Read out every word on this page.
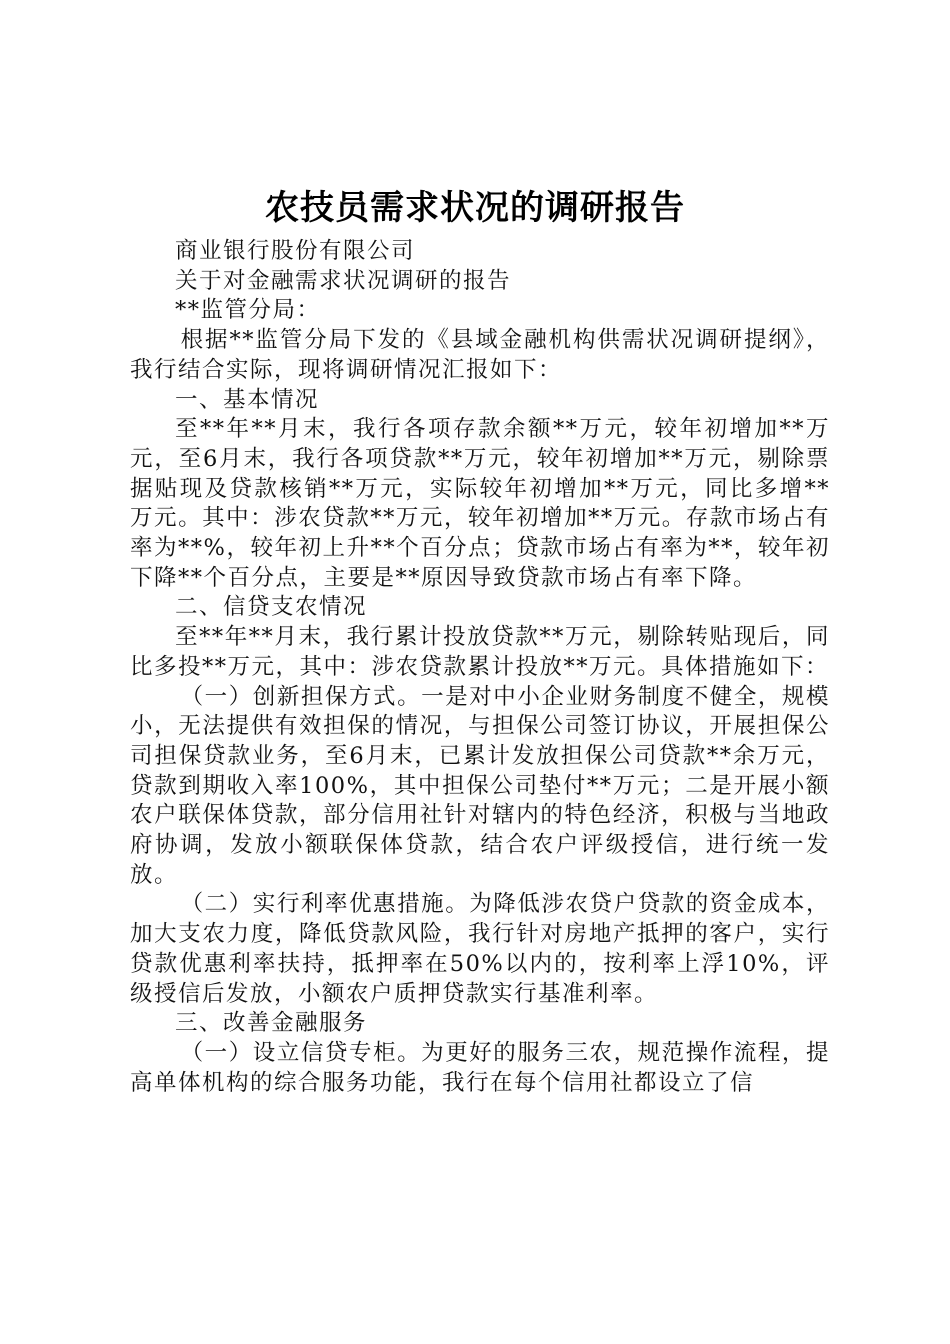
农技员需求状况的调研报告

商业银行股份有限公司

关于对金融需求状况调研的报告

**监管分局：

根据**监管分局下发的《县域金融机构供需状况调研提纲》，我行结合实际，现将调研情况汇报如下：

一、基本情况

至**年**月末，我行各项存款余额**万元，较年初增加**万元，至6月末，我行各项贷款**万元，较年初增加**万元，剔除票据贴现及贷款核销**万元，实际较年初增加**万元，同比多增**万元。其中：涉农贷款**万元，较年初增加**万元。存款市场占有率为**%，较年初上升**个百分点；贷款市场占有率为**，较年初下降**个百分点，主要是**原因导致贷款市场占有率下降。

二、信贷支农情况

至**年**月末，我行累计投放贷款**万元，剔除转贴现后，同比多投**万元，其中：涉农贷款累计投放**万元。具体措施如下：

（一）创新担保方式。一是对中小企业财务制度不健全，规模小，无法提供有效担保的情况，与担保公司签订协议，开展担保公司担保贷款业务，至6月末，已累计发放担保公司贷款**余万元，贷款到期收入率100%，其中担保公司垫付**万元；二是开展小额农户联保体贷款，部分信用社针对辖内的特色经济，积极与当地政府协调，发放小额联保体贷款，结合农户评级授信，进行统一发放。

（二）实行利率优惠措施。为降低涉农贷户贷款的资金成本，加大支农力度，降低贷款风险，我行针对房地产抵押的客户，实行贷款优惠利率扶持，抵押率在50%以内的，按利率上浮10%，评级授信后发放，小额农户质押贷款实行基准利率。

三、改善金融服务

（一）设立信贷专柜。为更好的服务三农，规范操作流程，提高单体机构的综合服务功能，我行在每个信用社都设立了信
